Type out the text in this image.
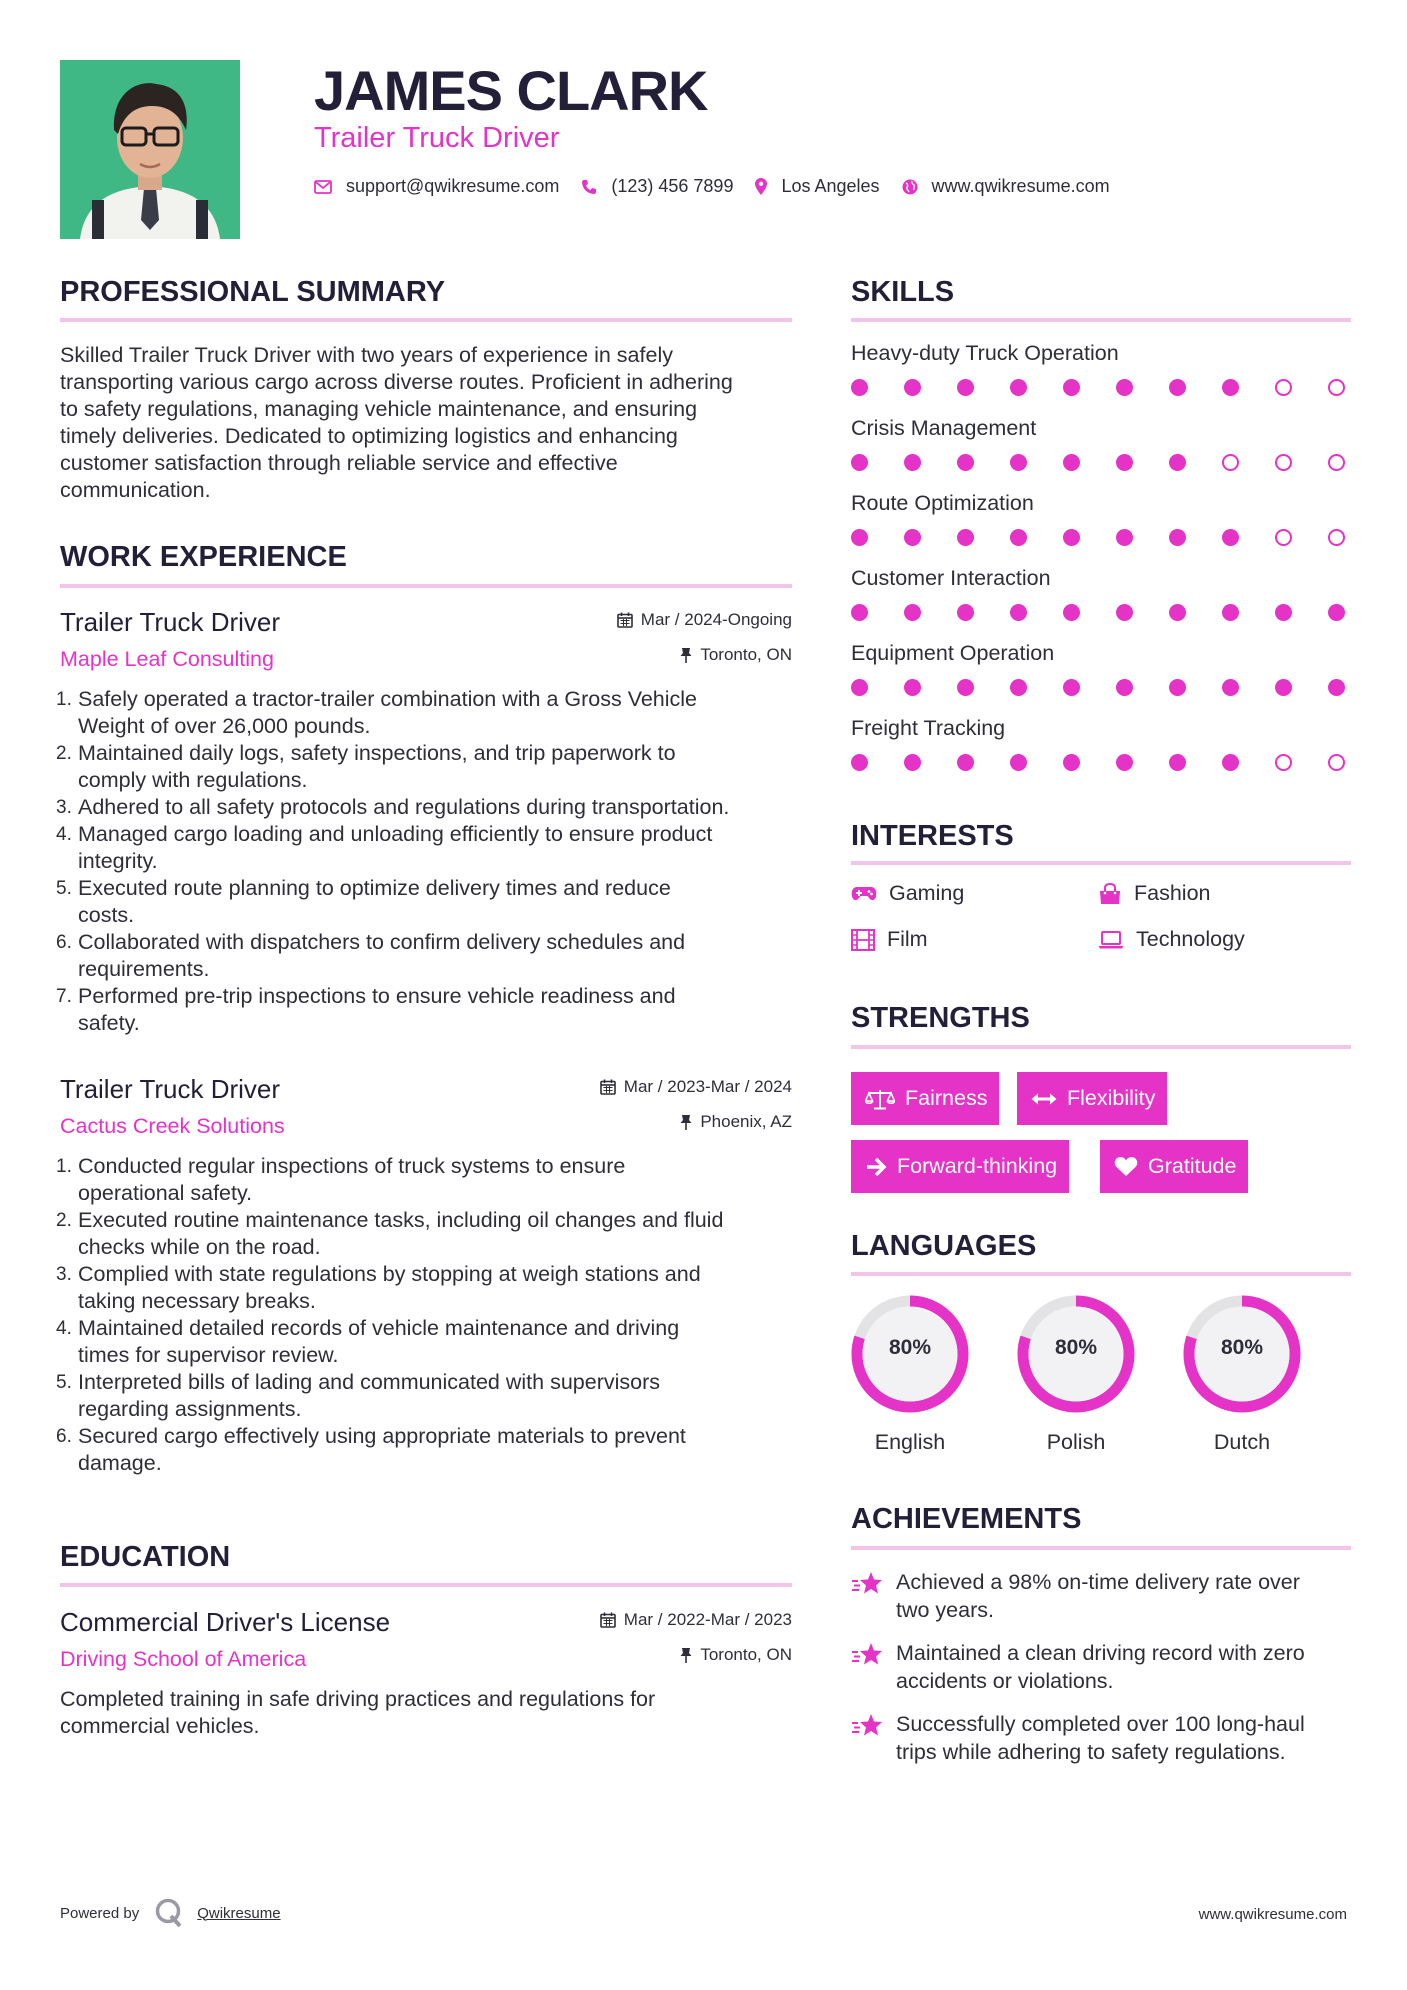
JAMES CLARK
Trailer Truck Driver
support@qwikresume.com	(123) 456 7899	Los Angeles	www.qwikresume.com
PROFESSIONAL SUMMARY
Skilled Trailer Truck Driver with two years of experience in safely
transporting various cargo across diverse routes. Proficient in adhering
to safety regulations, managing vehicle maintenance, and ensuring
timely deliveries. Dedicated to optimizing logistics and enhancing
customer satisfaction through reliable service and effective
communication.
WORK EXPERIENCE
Trailer Truck Driver
Maple Leaf Consulting
Mar / 2024-Ongoing
Toronto, ON
1. Safely operated a tractor-trailer combination with a Gross Vehicle
Weight of over 26,000 pounds.
2. Maintained daily logs, safety inspections, and trip paperwork to
comply with regulations.
3. Adhered to all safety protocols and regulations during transportation.
4. Managed cargo loading and unloading efficiently to ensure product
integrity.
5. Executed route planning to optimize delivery times and reduce
costs.
6. Collaborated with dispatchers to confirm delivery schedules and
requirements.
7. Performed pre-trip inspections to ensure vehicle readiness and
safety.
Trailer Truck Driver
Cactus Creek Solutions
Mar / 2023-Mar / 2024
Phoenix, AZ
1. Conducted regular inspections of truck systems to ensure
operational safety.
2. Executed routine maintenance tasks, including oil changes and fluid
checks while on the road.
3. Complied with state regulations by stopping at weigh stations and
taking necessary breaks.
4. Maintained detailed records of vehicle maintenance and driving
times for supervisor review.
5. Interpreted bills of lading and communicated with supervisors
regarding assignments.
6. Secured cargo effectively using appropriate materials to prevent
damage.
EDUCATION
Commercial Driver's License
Driving School of America
Mar / 2022-Mar / 2023
Toronto, ON
Completed training in safe driving practices and regulations for
commercial vehicles.
SKILLS
Heavy-duty Truck Operation
Crisis Management
Route Optimization
Customer Interaction
Equipment Operation
Freight Tracking
INTERESTS
Gaming	Fashion
Film	Technology
STRENGTHS
Fairness	Flexibility
Forward-thinking	Gratitude
LANGUAGES
80%
English
80%
Polish
80%
Dutch
ACHIEVEMENTS
Achieved a 98% on-time delivery rate over
two years.
Maintained a clean driving record with zero
accidents or violations.
Successfully completed over 100 long-haul
trips while adhering to safety regulations.
Powered by	Qwikresume	www.qwikresume.com
